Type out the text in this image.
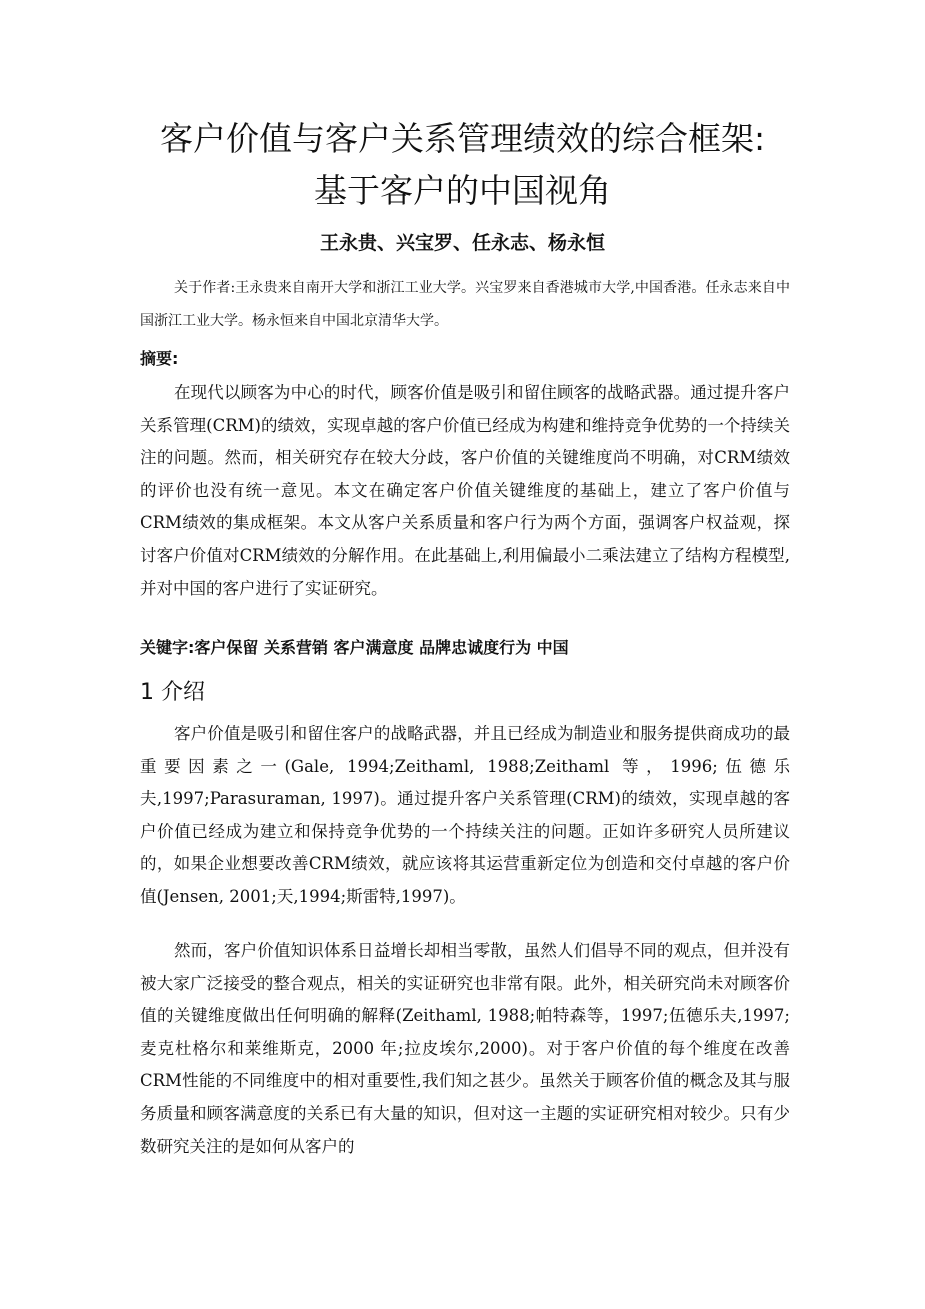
客户价值与客户关系管理绩效的综合框架:
基于客户的中国视角
王永贵、兴宝罗、任永志、杨永恒
关于作者:王永贵来自南开大学和浙江工业大学。兴宝罗来自香港城市大学,中国香港。任永志来自中国浙江工业大学。杨永恒来自中国北京清华大学。
摘要:
在现代以顾客为中心的时代，顾客价值是吸引和留住顾客的战略武器。通过提升客户关系管理(CRM)的绩效，实现卓越的客户价值已经成为构建和维持竞争优势的一个持续关注的问题。然而，相关研究存在较大分歧，客户价值的关键维度尚不明确，对CRM绩效的评价也没有统一意见。本文在确定客户价值关键维度的基础上，建立了客户价值与CRM绩效的集成框架。本文从客户关系质量和客户行为两个方面，强调客户权益观，探讨客户价值对CRM绩效的分解作用。在此基础上,利用偏最小二乘法建立了结构方程模型,并对中国的客户进行了实证研究。
关键字:客户保留 关系营销 客户满意度 品牌忠诚度行为 中国
1 介绍
客户价值是吸引和留住客户的战略武器，并且已经成为制造业和服务提供商成功的最重要因素之一(Gale, 1994;Zeithaml, 1988;Zeithaml 等，1996;伍德乐夫,1997;Parasuraman, 1997)。通过提升客户关系管理(CRM)的绩效，实现卓越的客户价值已经成为建立和保持竞争优势的一个持续关注的问题。正如许多研究人员所建议的，如果企业想要改善CRM绩效，就应该将其运营重新定位为创造和交付卓越的客户价值(Jensen, 2001;天,1994;斯雷特,1997)。
然而，客户价值知识体系日益增长却相当零散，虽然人们倡导不同的观点，但并没有被大家广泛接受的整合观点，相关的实证研究也非常有限。此外，相关研究尚未对顾客价值的关键维度做出任何明确的解释(Zeithaml, 1988;帕特森等，1997;伍德乐夫,1997;麦克杜格尔和莱维斯克，2000 年;拉皮埃尔,2000)。对于客户价值的每个维度在改善CRM性能的不同维度中的相对重要性,我们知之甚少。虽然关于顾客价值的概念及其与服务质量和顾客满意度的关系已有大量的知识，但对这一主题的实证研究相对较少。只有少数研究关注的是如何从客户的
